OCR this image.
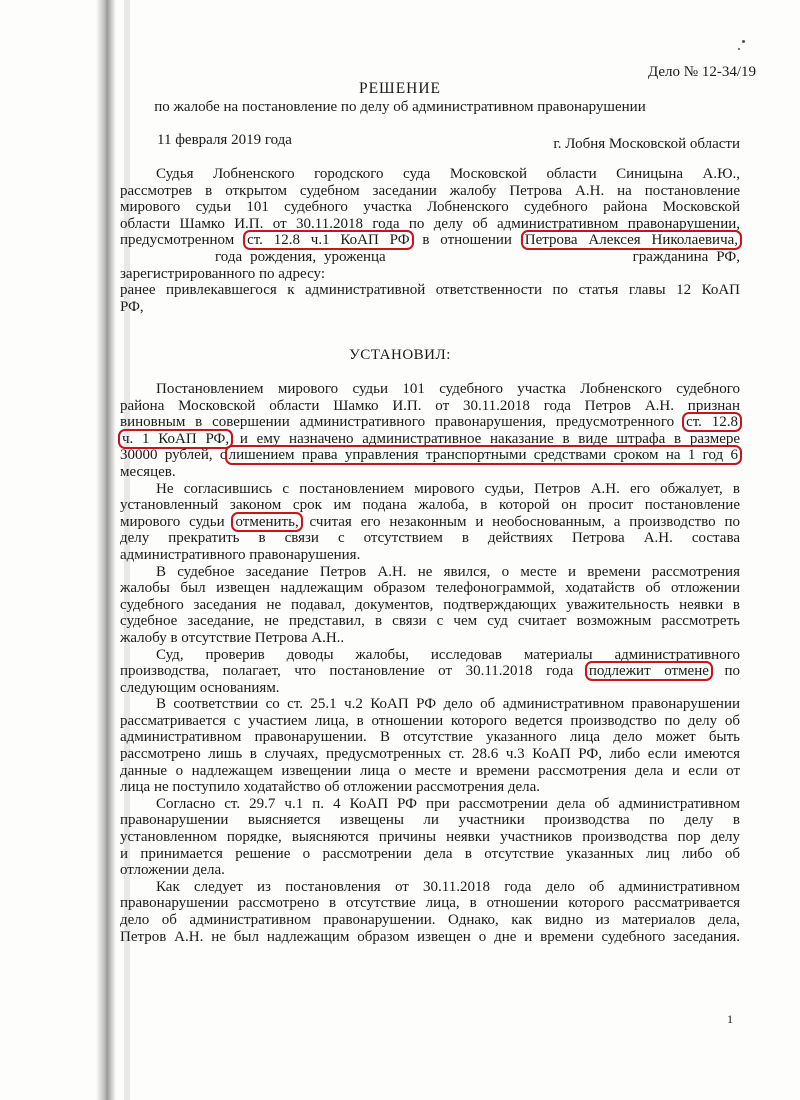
Дело № 12-34/19
РЕШЕНИЕ
по жалобе на постановление по делу об административном правонарушении
11 февраля 2019 года	г. Лобня Московской области
Судья Лобненского городского суда Московской области Синицына А.Ю.,
рассмотрев в открытом судебном заседании жалобу Петрова А.Н. на постановление
мирового судьи 101 судебного участка Лобненского судебного района Московской
области Шамко И.П. от 30.11.2018 года по делу об административном правонарушении,
предусмотренном ст. 12.8 ч.1 КоАП РФ в отношении Петрова Алексея Николаевича,
года рождения, уроженца	гражданина РФ,
зарегистрированного по адресу:
ранее привлекавшегося к административной ответственности по статья главы 12 КоАП
РФ,
УСТАНОВИЛ:
Постановлением мирового судьи 101 судебного участка Лобненского судебного
района Московской области Шамко И.П. от 30.11.2018 года Петров А.Н. признан
виновным в совершении административного правонарушения, предусмотренного ст. 12.8
ч. 1 КоАП РФ, и ему назначено административное наказание в виде штрафа в размере
30000 рублей, с лишением права управления транспортными средствами сроком на 1 год 6
месяцев.
Не согласившись с постановлением мирового судьи, Петров А.Н. его обжалует, в
установленный законом срок им подана жалоба, в которой он просит постановление
мирового судьи отменить, считая его незаконным и необоснованным, а производство по
делу прекратить в связи с отсутствием в действиях Петрова А.Н. состава
административного правонарушения.
В судебное заседание Петров А.Н. не явился, о месте и времени рассмотрения
жалобы был извещен надлежащим образом телефонограммой, ходатайств об отложении
судебного заседания не подавал, документов, подтверждающих уважительность неявки в
судебное заседание, не представил, в связи с чем суд считает возможным рассмотреть
жалобу в отсутствие Петрова А.Н..
Суд, проверив доводы жалобы, исследовав материалы административного
производства, полагает, что постановление от 30.11.2018 года подлежит отмене по
следующим основаниям.
В соответствии со ст. 25.1 ч.2 КоАП РФ дело об административном правонарушении
рассматривается с участием лица, в отношении которого ведется производство по делу об
административном правонарушении. В отсутствие указанного лица дело может быть
рассмотрено лишь в случаях, предусмотренных ст. 28.6 ч.3 КоАП РФ, либо если имеются
данные о надлежащем извещении лица о месте и времени рассмотрения дела и если от
лица не поступило ходатайство об отложении рассмотрения дела.
Согласно ст. 29.7 ч.1 п. 4 КоАП РФ при рассмотрении дела об административном
правонарушении выясняется извещены ли участники производства по делу в
установленном порядке, выясняются причины неявки участников производства пор делу
и принимается решение о рассмотрении дела в отсутствие указанных лиц либо об
отложении дела.
Как следует из постановления от 30.11.2018 года дело об административном
правонарушении рассмотрено в отсутствие лица, в отношении которого рассматривается
дело об административном правонарушении. Однако, как видно из материалов дела,
Петров А.Н. не был надлежащим образом извещен о дне и времени судебного заседания.
1
